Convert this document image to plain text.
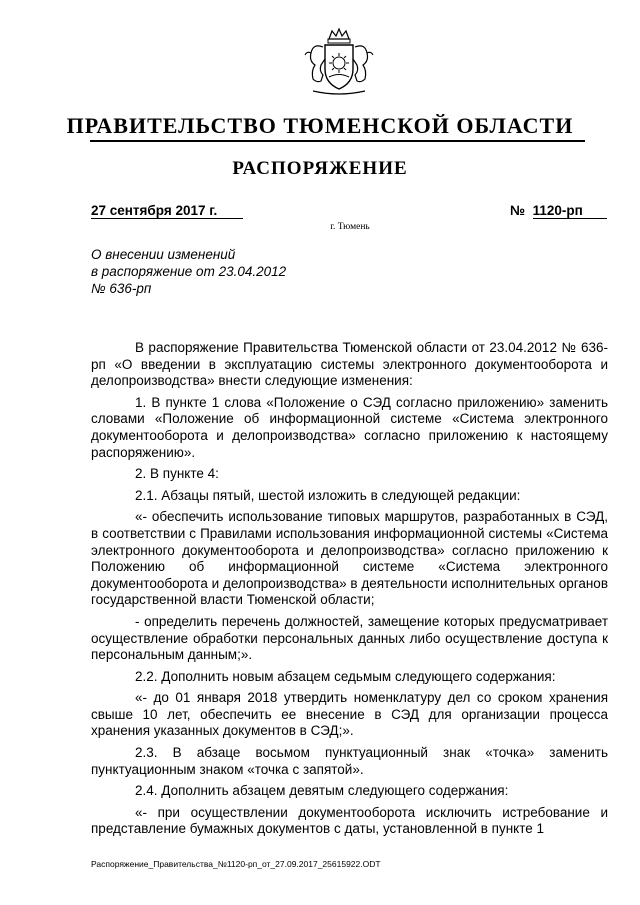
ПРАВИТЕЛЬСТВО ТЮМЕНСКОЙ ОБЛАСТИ
РАСПОРЯЖЕНИЕ
27 сентября 2017 г.	№ 1120-рп
г. Тюмень
О внесении изменений
в распоряжение от 23.04.2012
№ 636-рп

В распоряжение Правительства Тюменской области от 23.04.2012 № 636-рп «О введении в эксплуатацию системы электронного документооборота и делопроизводства» внести следующие изменения:

1. В пункте 1 слова «Положение о СЭД согласно приложению» заменить словами «Положение об информационной системе «Система электронного документооборота и делопроизводства» согласно приложению к настоящему распоряжению».

2. В пункте 4:

2.1. Абзацы пятый, шестой изложить в следующей редакции:

«- обеспечить использование типовых маршрутов, разработанных в СЭД, в соответствии с Правилами использования информационной системы «Система электронного документооборота и делопроизводства» согласно приложению к Положению об информационной системе «Система электронного документооборота и делопроизводства» в деятельности исполнительных органов государственной власти Тюменской области;

- определить перечень должностей, замещение которых предусматривает осуществление обработки персональных данных либо осуществление доступа к персональным данным;».

2.2. Дополнить новым абзацем седьмым следующего содержания:

«- до 01 января 2018 утвердить номенклатуру дел со сроком хранения свыше 10 лет, обеспечить ее внесение в СЭД для организации процесса хранения указанных документов в СЭД;».

2.3. В абзаце восьмом пунктуационный знак «точка» заменить пунктуационным знаком «точка с запятой».

2.4. Дополнить абзацем девятым следующего содержания:

«- при осуществлении документооборота исключить истребование и представление бумажных документов с даты, установленной в пункте 1

Распоряжение_Правительства_№1120-рп_от_27.09.2017_25615922.ODT
